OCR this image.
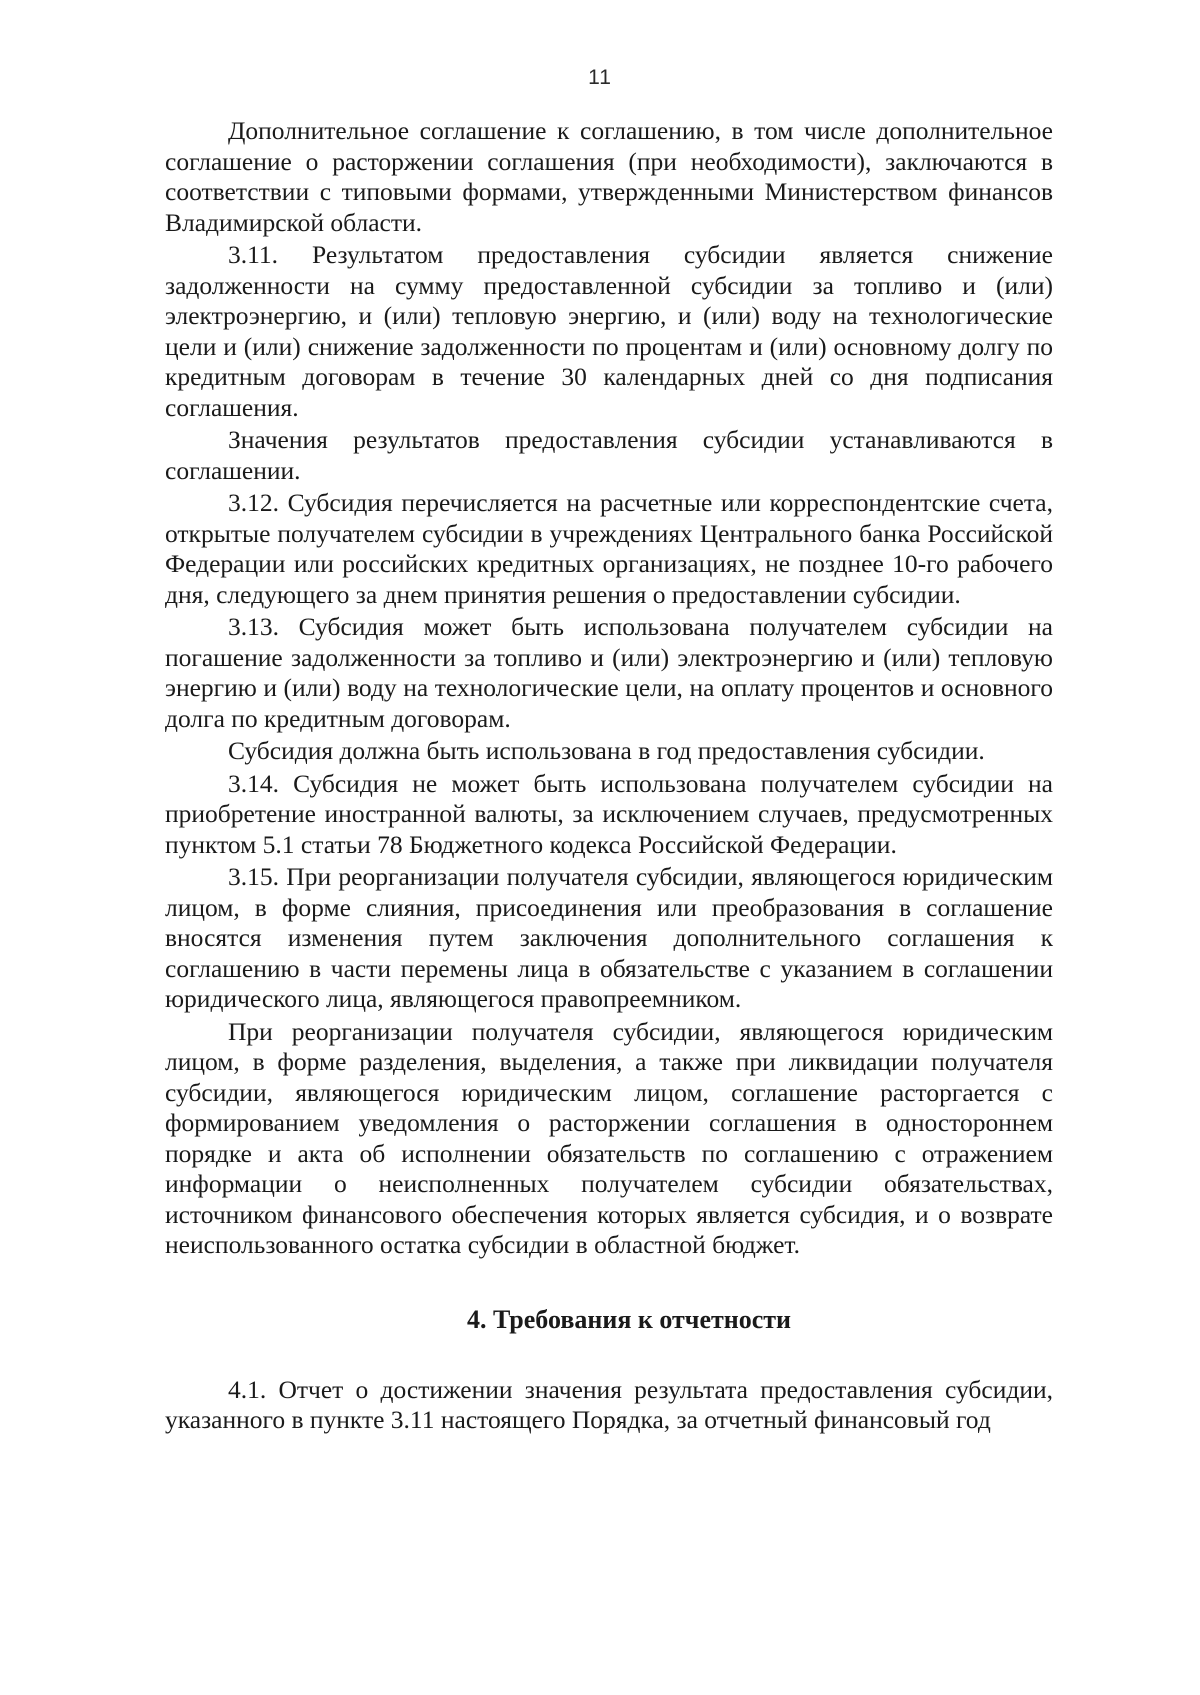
11

Дополнительное соглашение к соглашению, в том числе дополнительное соглашение о расторжении соглашения (при необходимости), заключаются в соответствии с типовыми формами, утвержденными Министерством финансов Владимирской области.

3.11. Результатом предоставления субсидии является снижение задолженности на сумму предоставленной субсидии за топливо и (или) электроэнергию, и (или) тепловую энергию, и (или) воду на технологические цели и (или) снижение задолженности по процентам и (или) основному долгу по кредитным договорам в течение 30 календарных дней со дня подписания соглашения.

Значения результатов предоставления субсидии устанавливаются в соглашении.

3.12. Субсидия перечисляется на расчетные или корреспондентские счета, открытые получателем субсидии в учреждениях Центрального банка Российской Федерации или российских кредитных организациях, не позднее 10-го рабочего дня, следующего за днем принятия решения о предоставлении субсидии.

3.13. Субсидия может быть использована получателем субсидии на погашение задолженности за топливо и (или) электроэнергию и (или) тепловую энергию и (или) воду на технологические цели, на оплату процентов и основного долга по кредитным договорам.

Субсидия должна быть использована в год предоставления субсидии.

3.14. Субсидия не может быть использована получателем субсидии на приобретение иностранной валюты, за исключением случаев, предусмотренных пунктом 5.1 статьи 78 Бюджетного кодекса Российской Федерации.

3.15. При реорганизации получателя субсидии, являющегося юридическим лицом, в форме слияния, присоединения или преобразования в соглашение вносятся изменения путем заключения дополнительного соглашения к соглашению в части перемены лица в обязательстве с указанием в соглашении юридического лица, являющегося правопреемником.

При реорганизации получателя субсидии, являющегося юридическим лицом, в форме разделения, выделения, а также при ликвидации получателя субсидии, являющегося юридическим лицом, соглашение расторгается с формированием уведомления о расторжении соглашения в одностороннем порядке и акта об исполнении обязательств по соглашению с отражением информации о неисполненных получателем субсидии обязательствах, источником финансового обеспечения которых является субсидия, и о возврате неиспользованного остатка субсидии в областной бюджет.

4. Требования к отчетности

4.1. Отчет о достижении значения результата предоставления субсидии, указанного в пункте 3.11 настоящего Порядка, за отчетный финансовый год
